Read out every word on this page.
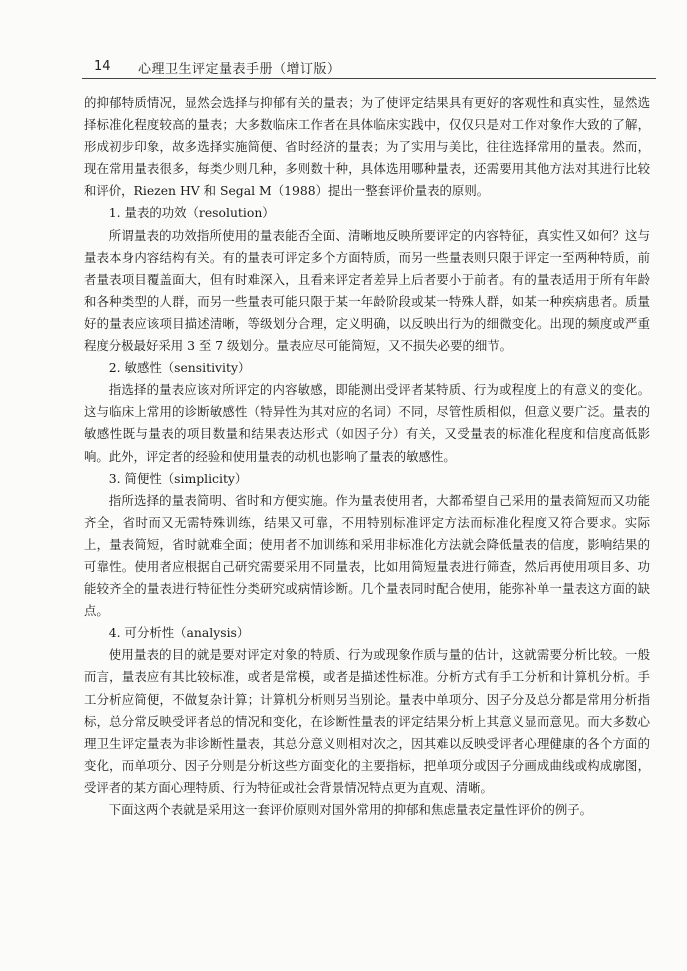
14 心理卫生评定量表手册（增订版）

的抑郁特质情况，显然会选择与抑郁有关的量表；为了使评定结果具有更好的客观性和真实性，显然选择标准化程度较高的量表；大多数临床工作者在具体临床实践中，仅仅只是对工作对象作大致的了解，形成初步印象，故多选择实施简便、省时经济的量表；为了实用与美比，往往选择常用的量表。然而，现在常用量表很多，每类少则几种，多则数十种，具体选用哪种量表，还需要用其他方法对其进行比较和评价，Riezen HV 和 Segal M（1988）提出一整套评价量表的原则。

1. 量表的功效（resolution）

所谓量表的功效指所使用的量表能否全面、清晰地反映所要评定的内容特征，真实性又如何？这与量表本身内容结构有关。有的量表可评定多个方面特质，而另一些量表则只限于评定一至两种特质，前者量表项目覆盖面大，但有时难深入，且看来评定者差异上后者要小于前者。有的量表适用于所有年龄和各种类型的人群，而另一些量表可能只限于某一年龄阶段或某一特殊人群，如某一种疾病患者。质量好的量表应该项目描述清晰，等级划分合理，定义明确，以反映出行为的细微变化。出现的频度或严重程度分极最好采用 3 至 7 级划分。量表应尽可能简短，又不损失必要的细节。

2. 敏感性（sensitivity）

指选择的量表应该对所评定的内容敏感，即能测出受评者某特质、行为或程度上的有意义的变化。这与临床上常用的诊断敏感性（特异性为其对应的名词）不同，尽管性质相似，但意义要广泛。量表的敏感性既与量表的项目数量和结果表达形式（如因子分）有关，又受量表的标准化程度和信度高低影响。此外，评定者的经验和使用量表的动机也影响了量表的敏感性。

3. 简便性（simplicity）

指所选择的量表简明、省时和方便实施。作为量表使用者，大都希望自己采用的量表简短而又功能齐全，省时而又无需特殊训练，结果又可靠，不用特别标准评定方法而标准化程度又符合要求。实际上，量表简短，省时就难全面；使用者不加训练和采用非标准化方法就会降低量表的信度，影响结果的可靠性。使用者应根据自己研究需要采用不同量表，比如用简短量表进行筛查，然后再使用项目多、功能较齐全的量表进行特征性分类研究或病情诊断。几个量表同时配合使用，能弥补单一量表这方面的缺点。

4. 可分析性（analysis）

使用量表的目的就是要对评定对象的特质、行为或现象作质与量的估计，这就需要分析比较。一般而言，量表应有其比较标准，或者是常模，或者是描述性标准。分析方式有手工分析和计算机分析。手工分析应简便，不做复杂计算；计算机分析则另当别论。量表中单项分、因子分及总分都是常用分析指标，总分常反映受评者总的情况和变化，在诊断性量表的评定结果分析上其意义显而意见。而大多数心理卫生评定量表为非诊断性量表，其总分意义则相对次之，因其难以反映受评者心理健康的各个方面的变化，而单项分、因子分则是分析这些方面变化的主要指标，把单项分或因子分画成曲线或构成廓图，受评者的某方面心理特质、行为特征或社会背景情况特点更为直观、清晰。

下面这两个表就是采用这一套评价原则对国外常用的抑郁和焦虑量表定量性评价的例子。
